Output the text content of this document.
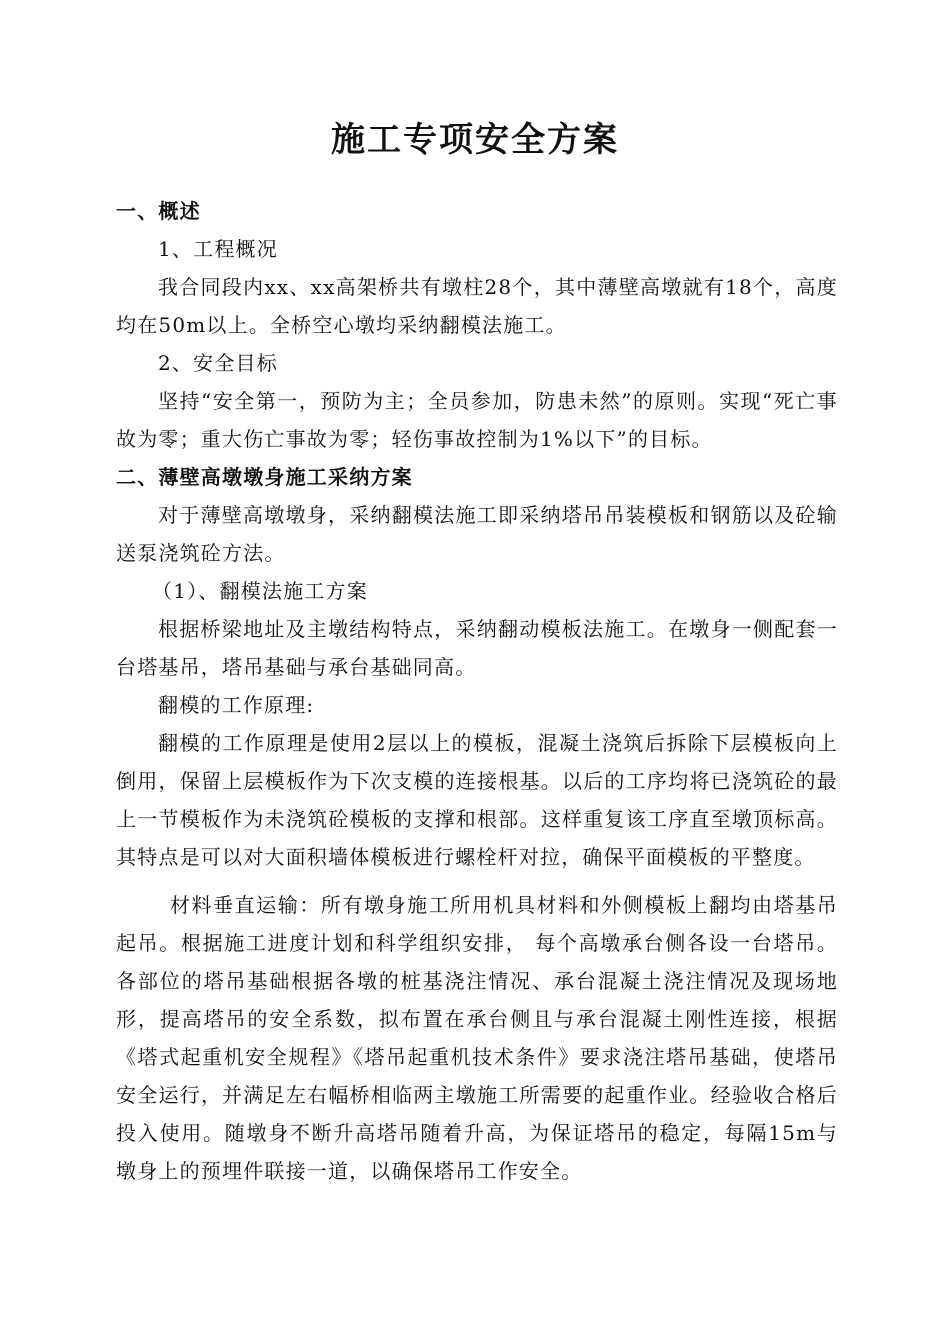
施工专项安全方案

一、概述

1、工程概况

我合同段内xx、xx高架桥共有墩柱28个，其中薄壁高墩就有18个，高度均在50m以上。全桥空心墩均采纳翻模法施工。

2、安全目标

坚持“安全第一，预防为主；全员参加，防患未然”的原则。实现“死亡事故为零；重大伤亡事故为零；轻伤事故控制为1%以下”的目标。

二、薄壁高墩墩身施工采纳方案

对于薄壁高墩墩身，采纳翻模法施工即采纳塔吊吊装模板和钢筋以及砼输送泵浇筑砼方法。

（1）、翻模法施工方案

根据桥梁地址及主墩结构特点，采纳翻动模板法施工。在墩身一侧配套一台塔基吊，塔吊基础与承台基础同高。

翻模的工作原理:

翻模的工作原理是使用2层以上的模板，混凝土浇筑后拆除下层模板向上倒用，保留上层模板作为下次支模的连接根基。以后的工序均将已浇筑砼的最上一节模板作为未浇筑砼模板的支撑和根部。这样重复该工序直至墩顶标高。其特点是可以对大面积墙体模板进行螺栓杆对拉，确保平面模板的平整度。

材料垂直运输：所有墩身施工所用机具材料和外侧模板上翻均由塔基吊起吊。根据施工进度计划和科学组织安排， 每个高墩承台侧各设一台塔吊。各部位的塔吊基础根据各墩的桩基浇注情况、承台混凝土浇注情况及现场地形，提高塔吊的安全系数，拟布置在承台侧且与承台混凝土刚性连接，根据《塔式起重机安全规程》《塔吊起重机技术条件》要求浇注塔吊基础，使塔吊安全运行，并满足左右幅桥相临两主墩施工所需要的起重作业。经验收合格后投入使用。随墩身不断升高塔吊随着升高，为保证塔吊的稳定，每隔15m与墩身上的预埋件联接一道，以确保塔吊工作安全。
